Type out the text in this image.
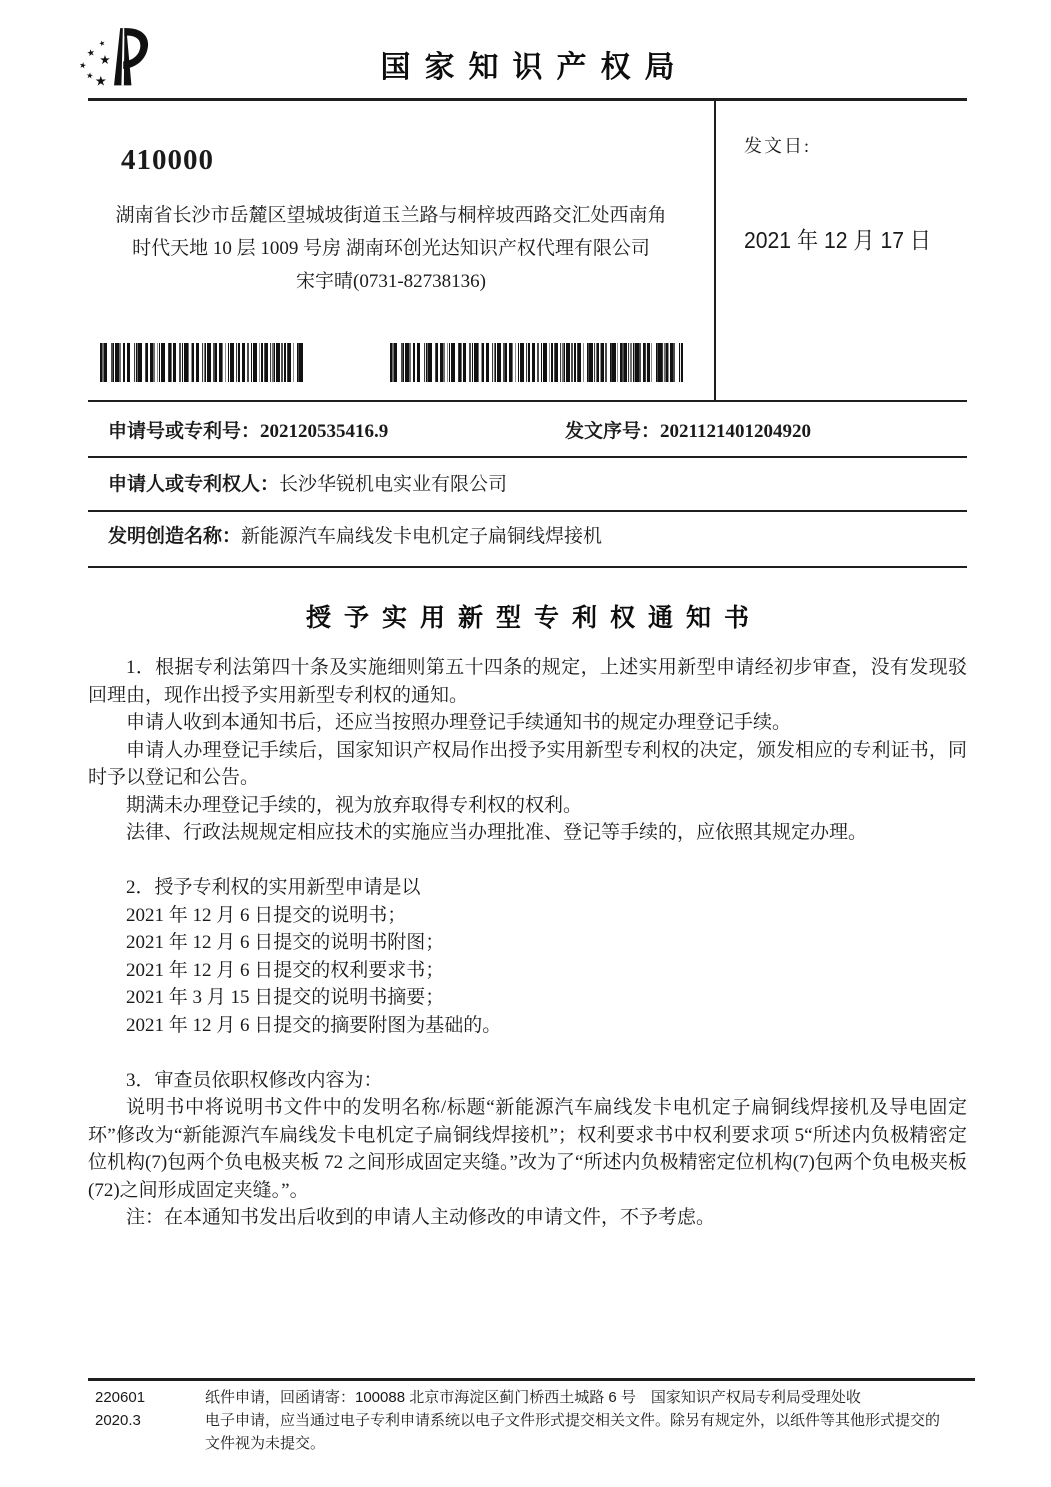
★
★
★
★
★ ★	国家知识产权局
发文日:
2021 年 12 月 17 日
410000
湖南省长沙市岳麓区望城坡街道玉兰路与桐梓坡西路交汇处西南角
时代天地 10 层 1009 号房 湖南环创光达知识产权代理有限公司
宋宇晴(0731-82738136)
申请号或专利号：202120535416.9	发文序号：2021121401204920
申请人或专利权人：长沙华锐机电实业有限公司
发明创造名称：新能源汽车扁线发卡电机定子扁铜线焊接机
授予实用新型专利权通知书

1．根据专利法第四十条及实施细则第五十四条的规定，上述实用新型申请经初步审查，没有发现驳回理由，现作出授予实用新型专利权的通知。

申请人收到本通知书后，还应当按照办理登记手续通知书的规定办理登记手续。

申请人办理登记手续后，国家知识产权局作出授予实用新型专利权的决定，颁发相应的专利证书，同时予以登记和公告。

期满未办理登记手续的，视为放弃取得专利权的权利。

法律、行政法规规定相应技术的实施应当办理批准、登记等手续的，应依照其规定办理。

2．授予专利权的实用新型申请是以

2021 年 12 月 6 日提交的说明书；

2021 年 12 月 6 日提交的说明书附图；

2021 年 12 月 6 日提交的权利要求书；

2021 年 3 月 15 日提交的说明书摘要；

2021 年 12 月 6 日提交的摘要附图为基础的。

3．审查员依职权修改内容为：

说明书中将说明书文件中的发明名称/标题“新能源汽车扁线发卡电机定子扁铜线焊接机及导电固定环”修改为“新能源汽车扁线发卡电机定子扁铜线焊接机”；权利要求书中权利要求项 5“所述内负极精密定位机构(7)包两个负电极夹板 72 之间形成固定夹缝。”改为了“所述内负极精密定位机构(7)包两个负电极夹板(72)之间形成固定夹缝。”。

注：在本通知书发出后收到的申请人主动修改的申请文件，不予考虑。

220601
2020.3
纸件申请，回函请寄：100088 北京市海淀区蓟门桥西土城路 6 号　国家知识产权局专利局受理处收
电子申请，应当通过电子专利申请系统以电子文件形式提交相关文件。除另有规定外，以纸件等其他形式提交的
文件视为未提交。
